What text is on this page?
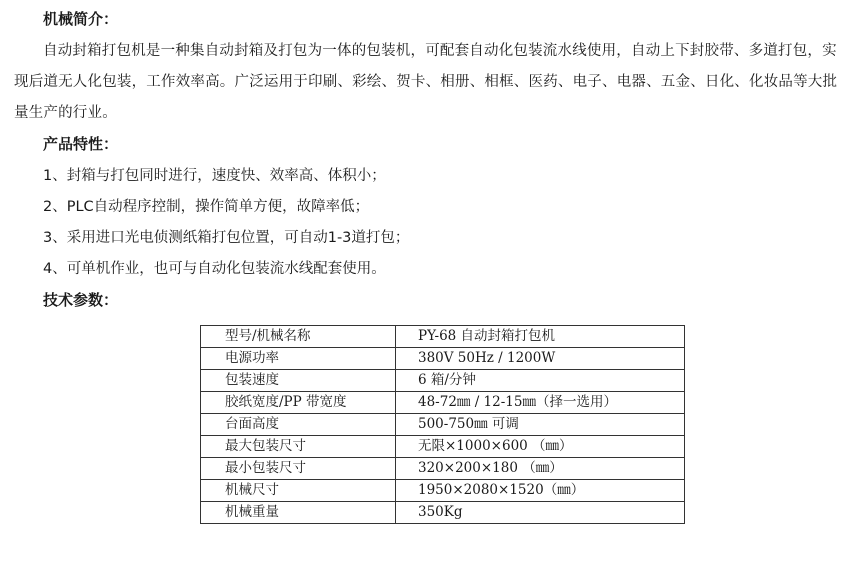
机械简介：

自动封箱打包机是一种集自动封箱及打包为一体的包装机，可配套自动化包装流水线使用，自动上下封胶带、多道打包，实现后道无人化包装，工作效率高。广泛运用于印刷、彩绘、贺卡、相册、相框、医药、电子、电器、五金、日化、化妆品等大批量生产的行业。

产品特性：
1、封箱与打包同时进行，速度快、效率高、体积小；
2、PLC自动程序控制，操作简单方便，故障率低；
3、采用进口光电侦测纸箱打包位置，可自动1-3道打包；
4、可单机作业，也可与自动化包装流水线配套使用。
技术参数：
型号/机械名称	PY-68 自动封箱打包机
电源功率	380V 50Hz / 1200W
包装速度	6 箱/分钟
胶纸宽度/PP 带宽度	48-72㎜ / 12-15㎜（择一选用）
台面高度	500-750㎜ 可调
最大包装尺寸	无限×1000×600 （㎜）
最小包装尺寸	320×200×180 （㎜）
机械尺寸	1950×2080×1520（㎜）
机械重量	350Kg
